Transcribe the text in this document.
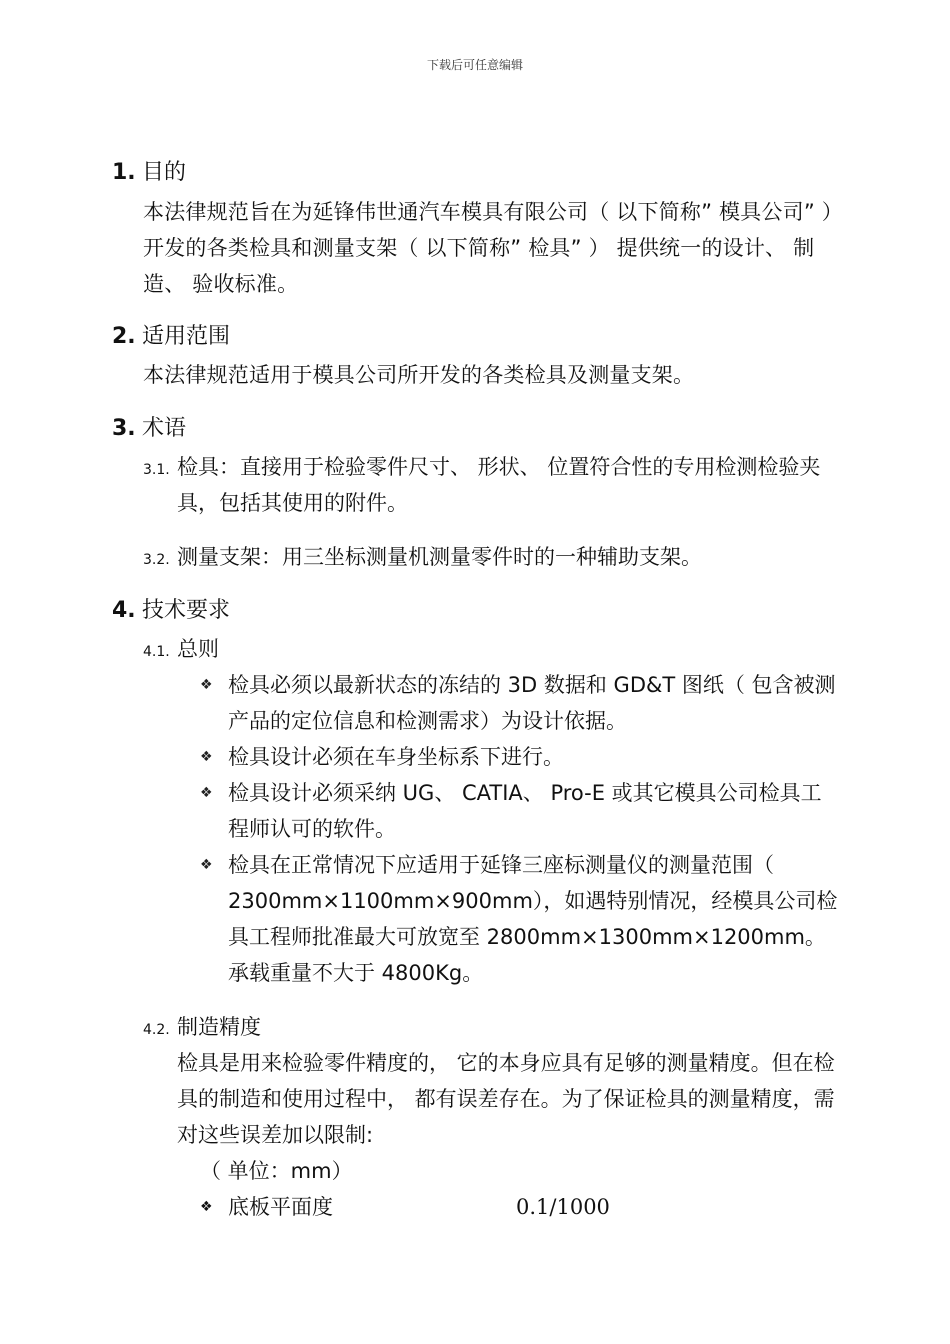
下载后可任意编辑
1. 目的
本法律规范旨在为延锋伟世通汽车模具有限公司（ 以下简称” 模具公司” ） 开发的各类检具和测量支架（ 以下简称” 检具” ） 提供统一的设计、 制造、 验收标准。
2. 适用范围
本法律规范适用于模具公司所开发的各类检具及测量支架。
3. 术语
3.1. 检具：直接用于检验零件尺寸、 形状、 位置符合性的专用检测检验夹具，包括其使用的附件。
3.2. 测量支架：用三坐标测量机测量零件时的一种辅助支架。
4. 技术要求
4.1. 总则
❖ 检具必须以最新状态的冻结的 3D 数据和 GD&T 图纸（ 包含被测产品的定位信息和检测需求）为设计依据。
❖ 检具设计必须在车身坐标系下进行。
❖ 检具设计必须采纳 UG、 CATIA、 Pro-E 或其它模具公司检具工程师认可的软件。
❖ 检具在正常情况下应适用于延锋三座标测量仪的测量范围（ 2300mm×1100mm×900mm），如遇特别情况，经模具公司检具工程师批准最大可放宽至 2800mm×1300mm×1200mm。承载重量不大于 4800Kg。
4.2. 制造精度
检具是用来检验零件精度的， 它的本身应具有足够的测量精度。但在检具的制造和使用过程中， 都有误差存在。为了保证检具的测量精度，需对这些误差加以限制:
（ 单位：mm）
❖ 底板平面度	0.1/1000
